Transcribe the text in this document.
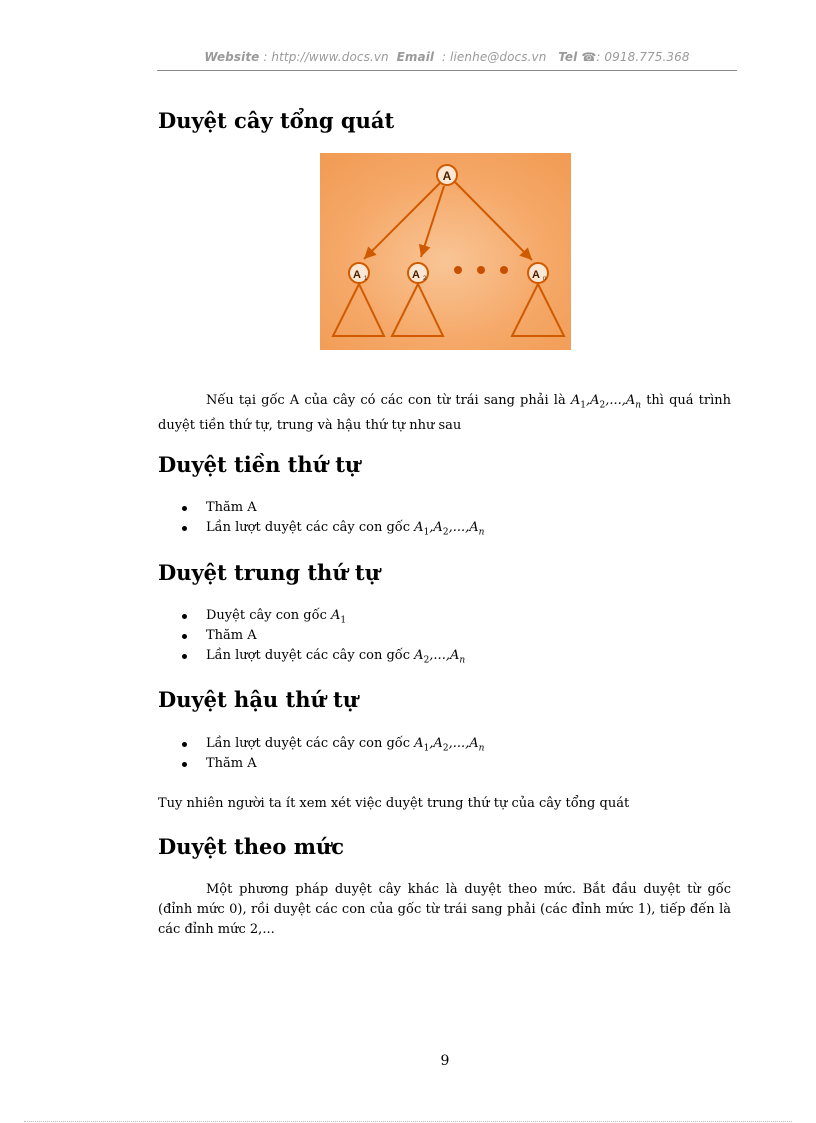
Website : http://www.docs.vn Email : lienhe@docs.vn Tel ☎: 0918.775.368
Duyệt cây tổng quát
A
A 1	A 2	A n

Nếu tại gốc A của cây có các con từ trái sang phải là $A_1,A_2,...,A_n$ thì quá trình duyệt tiền thứ tự, trung và hậu thứ tự như sau

Duyệt tiền thứ tự
Thăm A
Lần lượt duyệt các cây con gốc $A_1,A_2,...,A_n$
Duyệt trung thứ tự
Duyệt cây con gốc $A_1$
Thăm A
Lần lượt duyệt các cây con gốc $A_2,...,A_n$
Duyệt hậu thứ tự
Lần lượt duyệt các cây con gốc $A_1,A_2,...,A_n$
Thăm A

Tuy nhiên người ta ít xem xét việc duyệt trung thứ tự của cây tổng quát

Duyệt theo mức

Một phương pháp duyệt cây khác là duyệt theo mức. Bắt đầu duyệt từ gốc (đỉnh mức 0), rồi duyệt các con của gốc từ trái sang phải (các đỉnh mức 1), tiếp đến là các đỉnh mức 2,...

9
